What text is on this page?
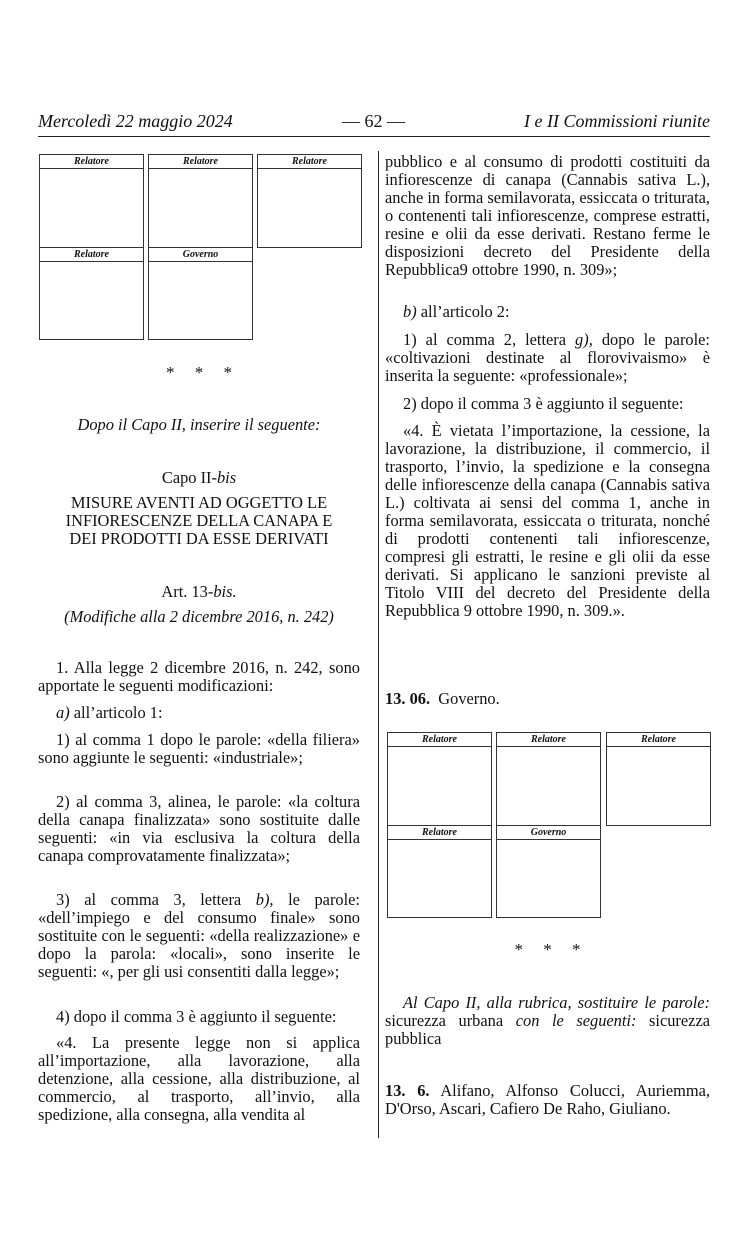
Mercoledì 22 maggio 2024	— 62 —	I e II Commissioni riunite
Relatore	Relatore	Relatore
Relatore	Governo
* * *
Dopo il Capo II, inserire il seguente:
Capo II-bis
MISURE AVENTI AD OGGETTO LE
INFIORESCENZE DELLA CANAPA E
DEI PRODOTTI DA ESSE DERIVATI
Art. 13-bis.
(Modifiche alla 2 dicembre 2016, n. 242)

1. Alla legge 2 dicembre 2016, n. 242, sono apportate le seguenti modificazioni:

a) all’articolo 1:

1) al comma 1 dopo le parole: «della filiera» sono aggiunte le seguenti: «industriale»;

2) al comma 3, alinea, le parole: «la coltura della canapa finalizzata» sono sostituite dalle seguenti: «in via esclusiva la coltura della canapa comprovatamente finalizzata»;

3) al comma 3, lettera b), le parole: «dell’impiego e del consumo finale» sono sostituite con le seguenti: «della realizzazione» e dopo la parola: «locali», sono inserite le seguenti: «, per gli usi consentiti dalla legge»;

4) dopo il comma 3 è aggiunto il seguente:

«4. La presente legge non si applica all’importazione, alla lavorazione, alla detenzione, alla cessione, alla distribuzione, al commercio, al trasporto, all’invio, alla spedizione, alla consegna, alla vendita al

pubblico e al consumo di prodotti costituiti da infiorescenze di canapa (Cannabis sativa L.), anche in forma semilavorata, essiccata o triturata, o contenenti tali infiorescenze, comprese estratti, resine e olii da esse derivati. Restano ferme le disposizioni decreto del Presidente della Repubblica9 ottobre 1990, n. 309»;

b) all’articolo 2:

1) al comma 2, lettera g), dopo le parole: «coltivazioni destinate al florovivaismo» è inserita la seguente: «professionale»;

2) dopo il comma 3 è aggiunto il seguente:

«4. È vietata l’importazione, la cessione, la lavorazione, la distribuzione, il commercio, il trasporto, l’invio, la spedizione e la consegna delle infiorescenze della canapa (Cannabis sativa L.) coltivata ai sensi del comma 1, anche in forma semilavorata, essiccata o triturata, nonché di prodotti contenenti tali infiorescenze, compresi gli estratti, le resine e gli olii da esse derivati. Si applicano le sanzioni previste al Titolo VIII del decreto del Presidente della Repubblica 9 ottobre 1990, n. 309.».

13. 06. Governo.
Relatore	Relatore	Relatore
Relatore	Governo
* * *

Al Capo II, alla rubrica, sostituire le parole: sicurezza urbana con le seguenti: sicurezza pubblica

13. 6. Alifano, Alfonso Colucci, Auriemma, D'Orso, Ascari, Cafiero De Raho, Giuliano.
